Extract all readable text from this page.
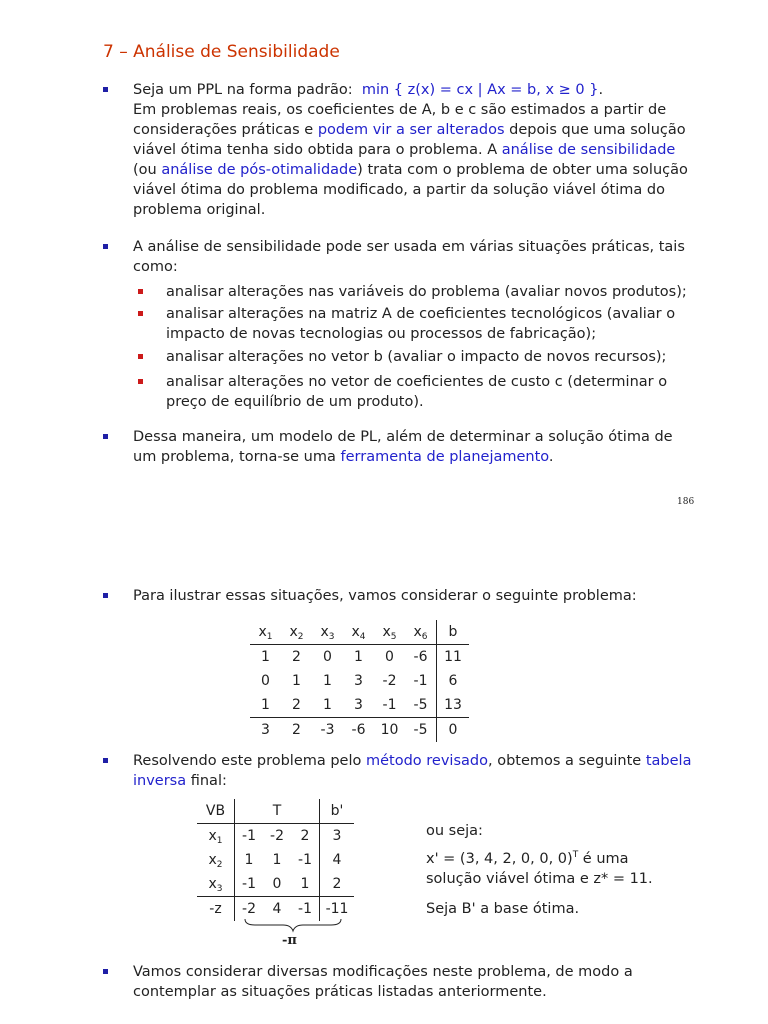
7 – Análise de Sensibilidade
Seja um PPL na forma padrão: min { z(x) = cx | Ax = b, x ≥ 0 }.
Em problemas reais, os coeficientes de A, b e c são estimados a partir de
considerações práticas e podem vir a ser alterados depois que uma solução
viável ótima tenha sido obtida para o problema. A análise de sensibilidade
(ou análise de pós-otimalidade) trata com o problema de obter uma solução
viável ótima do problema modificado, a partir da solução viável ótima do
problema original.
A análise de sensibilidade pode ser usada em várias situações práticas, tais
como:
analisar alterações nas variáveis do problema (avaliar novos produtos);
analisar alterações na matriz A de coeficientes tecnológicos (avaliar o
impacto de novas tecnologias ou processos de fabricação);
analisar alterações no vetor b (avaliar o impacto de novos recursos);
analisar alterações no vetor de coeficientes de custo c (determinar o
preço de equilíbrio de um produto).
Dessa maneira, um modelo de PL, além de determinar a solução ótima de
um problema, torna-se uma ferramenta de planejamento.
186
Para ilustrar essas situações, vamos considerar o seguinte problema:
$x_1$	$x_2$	$x_3$	$x_4$	$x_5$	$x_6$	b
1	2	0	1	0	-6	11
0	1	1	3	-2	-1	6
1	2	1	3	-1	-5	13
3	2	-3	-6	10	-5	0
Resolvendo este problema pelo método revisado, obtemos a seguinte tabela
inversa final:
VB	T			b'
$x_1$	-1	-2	2	3
$x_2$	1	1	-1	4
$x_3$	-1	0	1	2
-z	-2	4	-1	-11
-π
ou seja:
x' = (3, 4, 2, 0, 0, 0)$^T$ é uma
solução viável ótima e z* = 11.
Seja B' a base ótima.
Vamos considerar diversas modificações neste problema, de modo a
contemplar as situações práticas listadas anteriormente.
